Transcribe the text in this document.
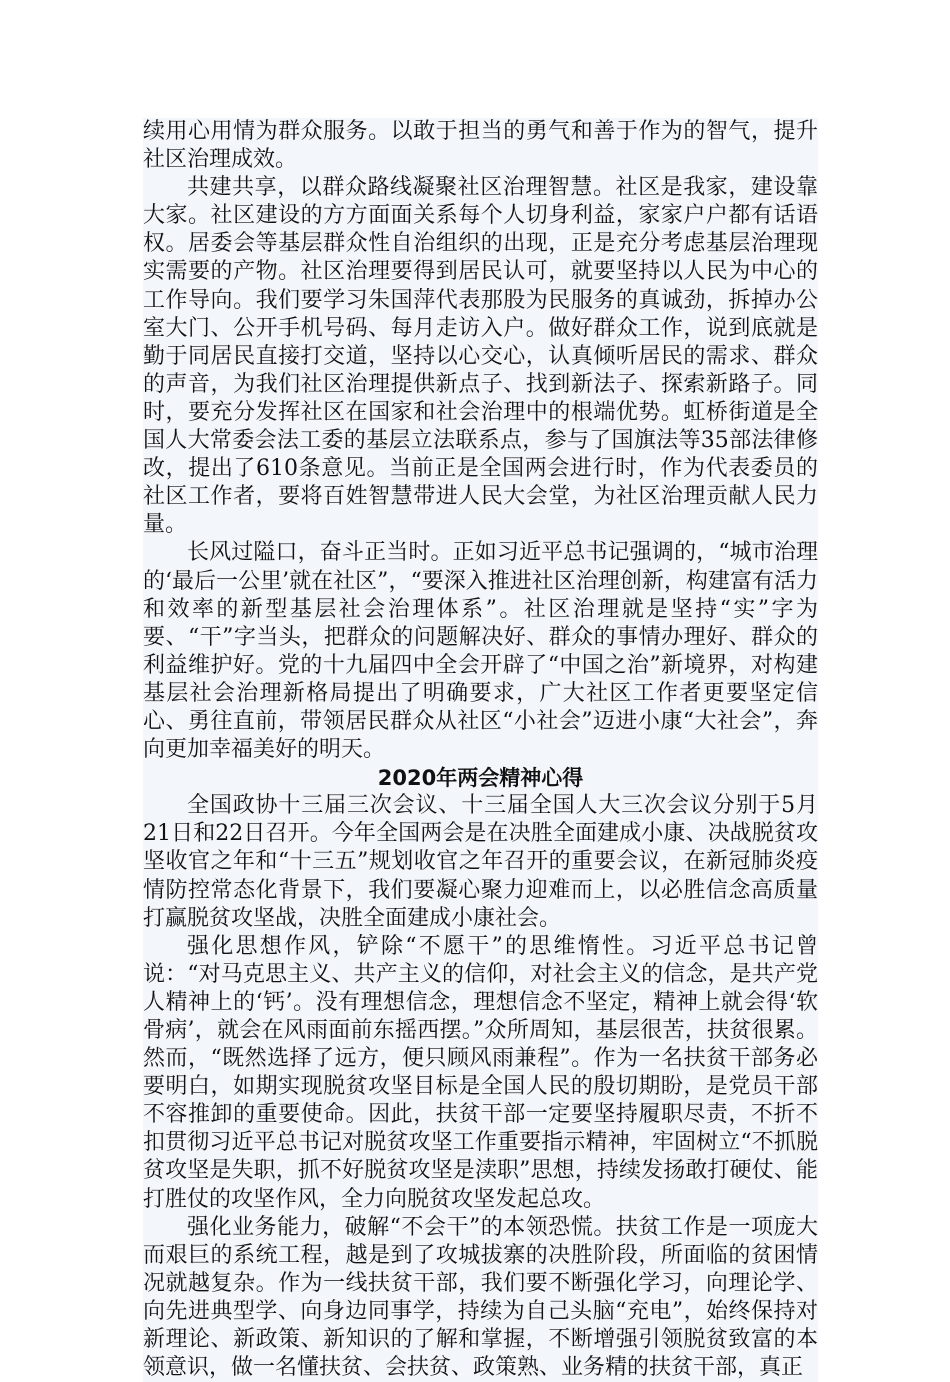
续用心用情为群众服务。以敢于担当的勇气和善于作为的智气，提升社区治理成效。

共建共享，以群众路线凝聚社区治理智慧。社区是我家，建设靠大家。社区建设的方方面面关系每个人切身利益，家家户户都有话语权。居委会等基层群众性自治组织的出现，正是充分考虑基层治理现实需要的产物。社区治理要得到居民认可，就要坚持以人民为中心的工作导向。我们要学习朱国萍代表那股为民服务的真诚劲，拆掉办公室大门、公开手机号码、每月走访入户。做好群众工作，说到底就是勤于同居民直接打交道，坚持以心交心，认真倾听居民的需求、群众的声音，为我们社区治理提供新点子、找到新法子、探索新路子。同时，要充分发挥社区在国家和社会治理中的根端优势。虹桥街道是全国人大常委会法工委的基层立法联系点，参与了国旗法等35部法律修改，提出了610条意见。当前正是全国两会进行时，作为代表委员的社区工作者，要将百姓智慧带进人民大会堂，为社区治理贡献人民力量。

长风过隘口，奋斗正当时。正如习近平总书记强调的，“城市治理的‘最后一公里’就在社区”，“要深入推进社区治理创新，构建富有活力和效率的新型基层社会治理体系”。社区治理就是坚持“实”字为要、“干”字当头，把群众的问题解决好、群众的事情办理好、群众的利益维护好。党的十九届四中全会开辟了“中国之治”新境界，对构建基层社会治理新格局提出了明确要求，广大社区工作者更要坚定信心、勇往直前，带领居民群众从社区“小社会”迈进小康“大社会”，奔向更加幸福美好的明天。

2020年两会精神心得

全国政协十三届三次会议、十三届全国人大三次会议分别于5月21日和22日召开。今年全国两会是在决胜全面建成小康、决战脱贫攻坚收官之年和“十三五”规划收官之年召开的重要会议，在新冠肺炎疫情防控常态化背景下，我们要凝心聚力迎难而上，以必胜信念高质量打赢脱贫攻坚战，决胜全面建成小康社会。

强化思想作风，铲除“不愿干”的思维惰性。习近平总书记曾说：“对马克思主义、共产主义的信仰，对社会主义的信念，是共产党人精神上的‘钙’。没有理想信念，理想信念不坚定，精神上就会得‘软骨病’，就会在风雨面前东摇西摆。”众所周知，基层很苦，扶贫很累。然而，“既然选择了远方，便只顾风雨兼程”。作为一名扶贫干部务必要明白，如期实现脱贫攻坚目标是全国人民的殷切期盼，是党员干部不容推卸的重要使命。因此，扶贫干部一定要坚持履职尽责，不折不扣贯彻习近平总书记对脱贫攻坚工作重要指示精神，牢固树立“不抓脱贫攻坚是失职，抓不好脱贫攻坚是渎职”思想，持续发扬敢打硬仗、能打胜仗的攻坚作风，全力向脱贫攻坚发起总攻。

强化业务能力，破解“不会干”的本领恐慌。扶贫工作是一项庞大而艰巨的系统工程，越是到了攻城拔寨的决胜阶段，所面临的贫困情况就越复杂。作为一线扶贫干部，我们要不断强化学习，向理论学、向先进典型学、向身边同事学，持续为自己头脑“充电”，始终保持对新理论、新政策、新知识的了解和掌握，不断增强引领脱贫致富的本领意识，做一名懂扶贫、会扶贫、政策熟、业务精的扶贫干部，真正
